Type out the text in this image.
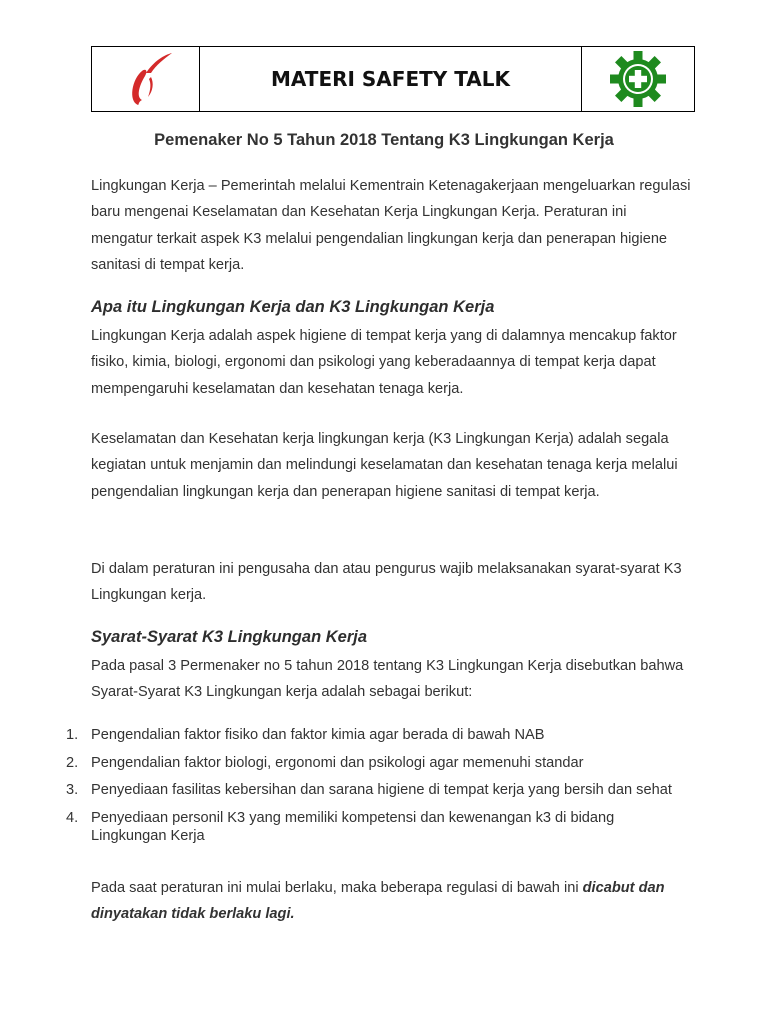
MATERI SAFETY TALK
Pemenaker No 5 Tahun 2018 Tentang K3 Lingkungan Kerja

Lingkungan Kerja – Pemerintah melalui Kementrain Ketenagakerjaan mengeluarkan regulasi baru mengenai Keselamatan dan Kesehatan Kerja Lingkungan Kerja. Peraturan ini mengatur terkait aspek K3 melalui pengendalian lingkungan kerja dan penerapan higiene sanitasi di tempat kerja.

Apa itu Lingkungan Kerja dan K3 Lingkungan Kerja

Lingkungan Kerja adalah aspek higiene di tempat kerja yang di dalamnya mencakup faktor fisiko, kimia, biologi, ergonomi dan psikologi yang keberadaannya di tempat kerja dapat mempengaruhi keselamatan dan kesehatan tenaga kerja.

Keselamatan dan Kesehatan kerja lingkungan kerja (K3 Lingkungan Kerja) adalah segala kegiatan untuk menjamin dan melindungi keselamatan dan kesehatan tenaga kerja melalui pengendalian lingkungan kerja dan penerapan higiene sanitasi di tempat kerja.

Di dalam peraturan ini pengusaha dan atau pengurus wajib melaksanakan syarat-syarat K3 Lingkungan kerja.

Syarat-Syarat K3 Lingkungan Kerja

Pada pasal 3 Permenaker no 5 tahun 2018 tentang K3 Lingkungan Kerja disebutkan bahwa Syarat-Syarat K3 Lingkungan kerja adalah sebagai berikut:

1. Pengendalian faktor fisiko dan faktor kimia agar berada di bawah NAB
2. Pengendalian faktor biologi, ergonomi dan psikologi agar memenuhi standar
3. Penyediaan fasilitas kebersihan dan sarana higiene di tempat kerja yang bersih dan sehat
4. Penyediaan personil K3 yang memiliki kompetensi dan kewenangan k3 di bidang Lingkungan Kerja

Pada saat peraturan ini mulai berlaku, maka beberapa regulasi di bawah ini dicabut dan dinyatakan tidak berlaku lagi.
